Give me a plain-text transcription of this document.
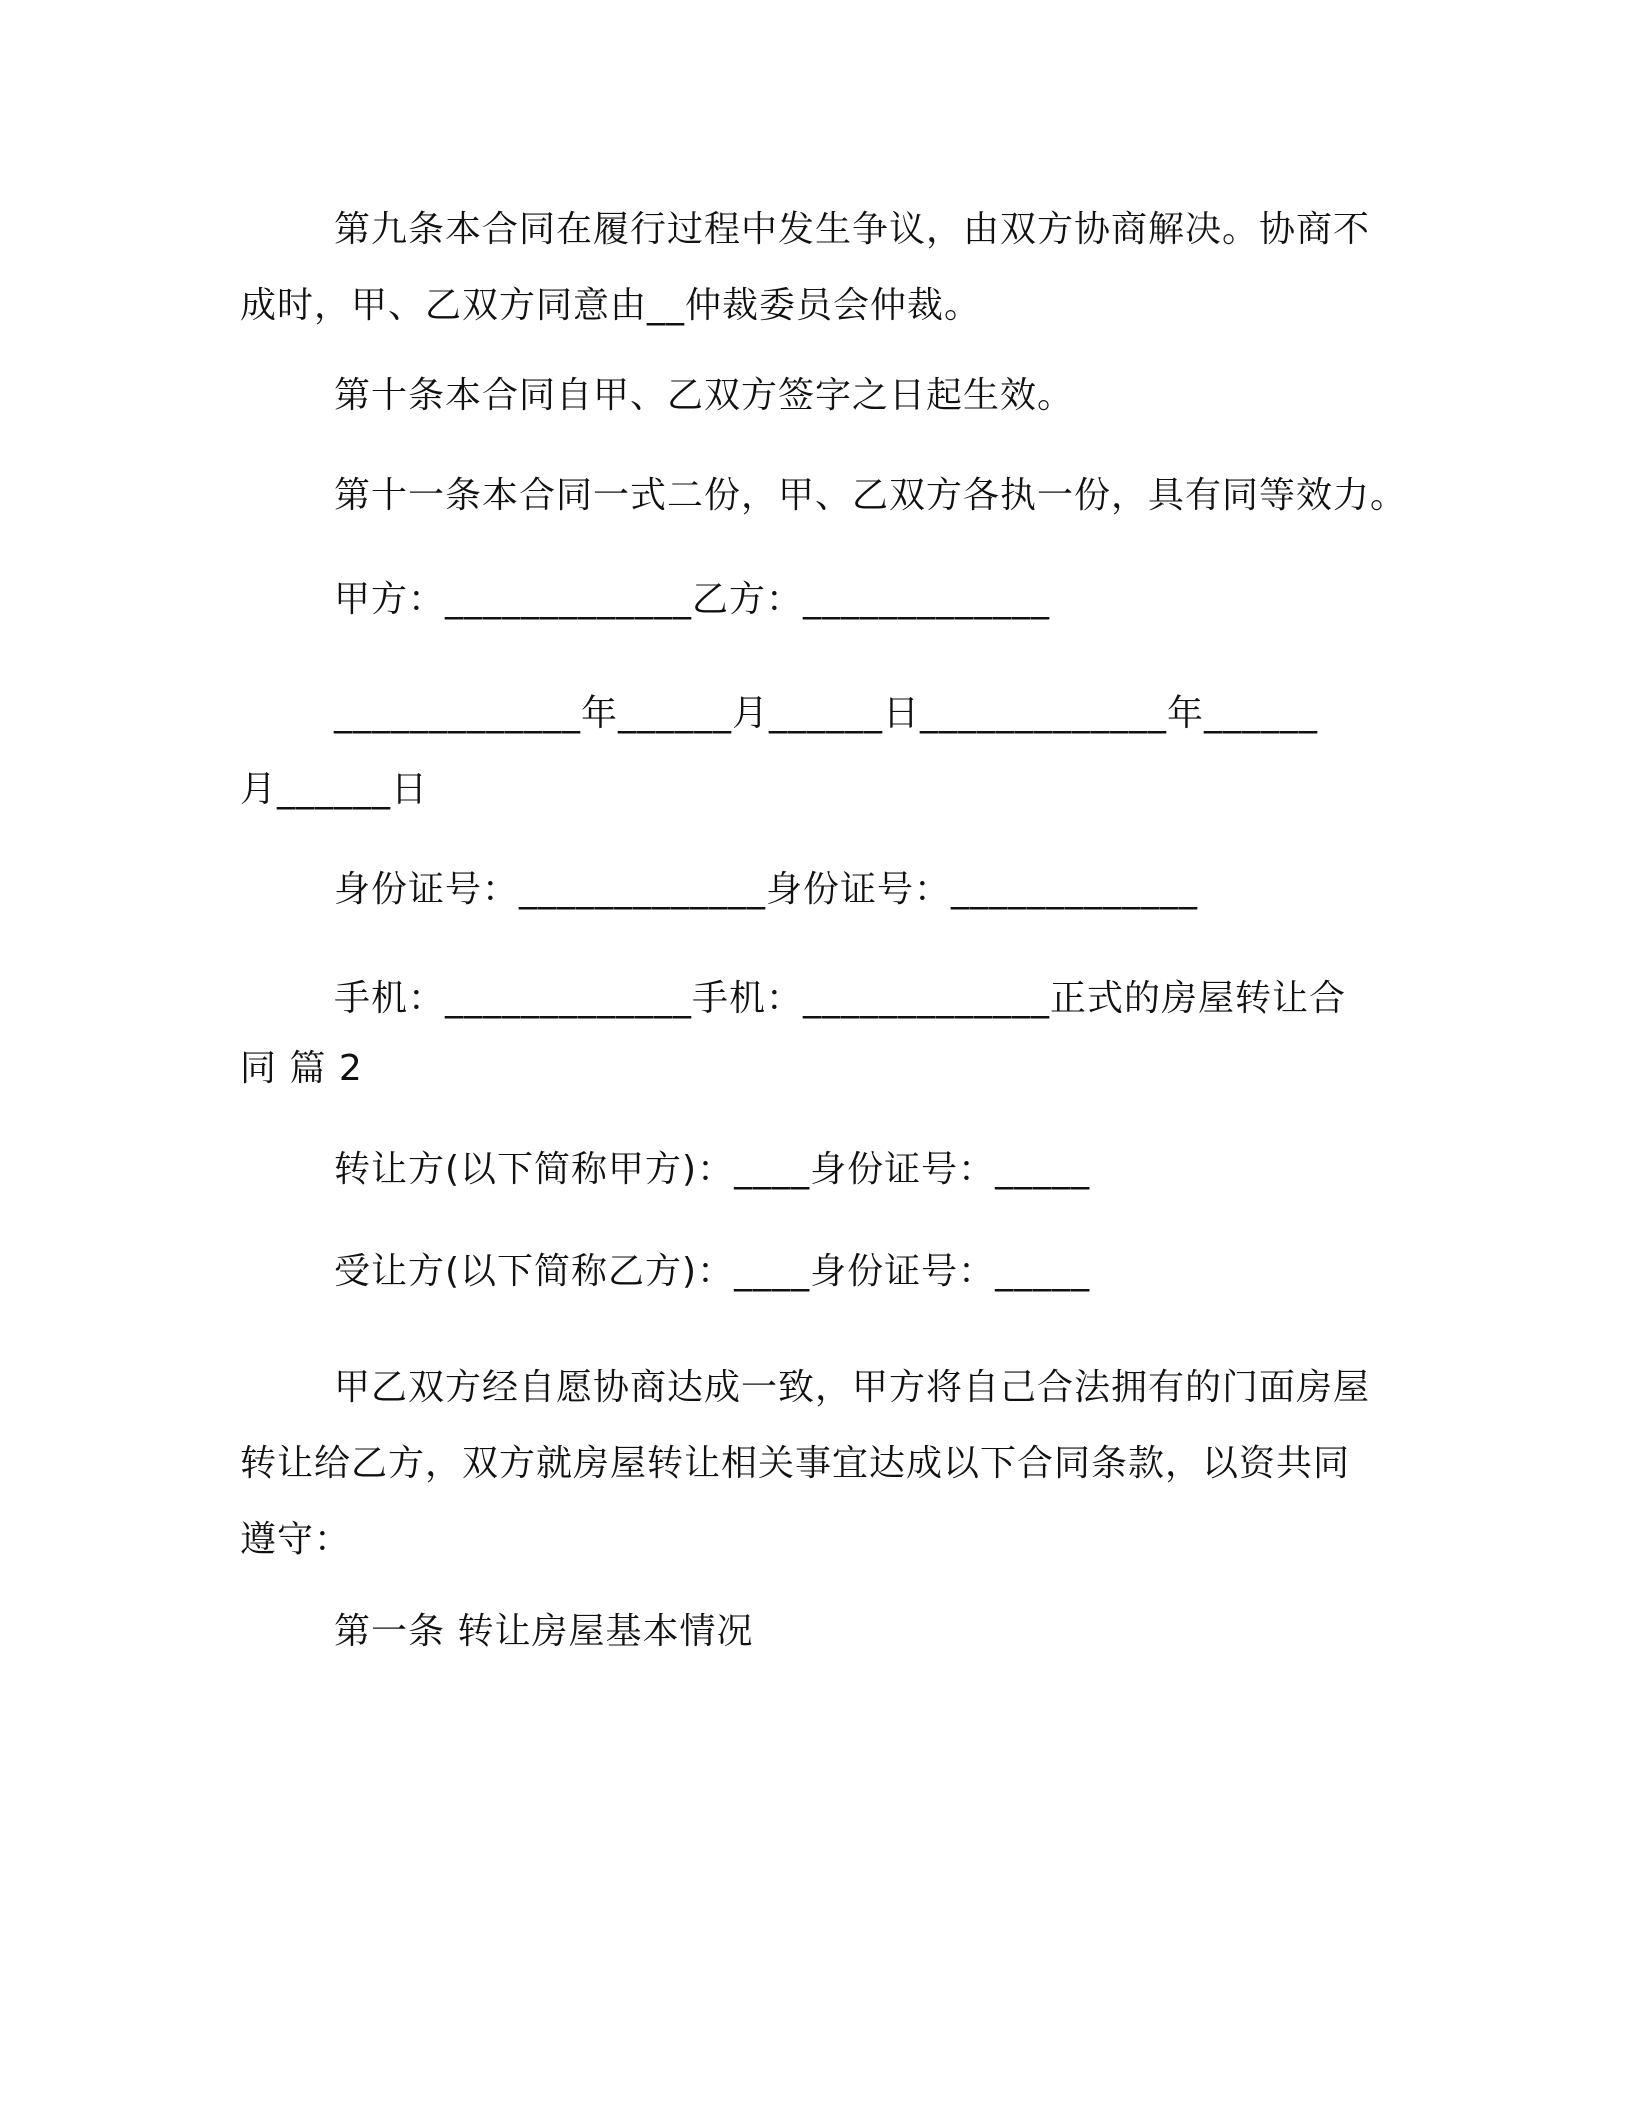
第九条本合同在履行过程中发生争议，由双方协商解决。协商不
成时，甲、乙双方同意由__仲裁委员会仲裁。

第十条本合同自甲、乙双方签字之日起生效。

第十一条本合同一式二份，甲、乙双方各执一份，具有同等效力。

甲方：_____________乙方：_____________

_____________年______月______日_____________年______
月______日

身份证号：_____________身份证号：_____________

手机：_____________手机：_____________正式的房屋转让合
同 篇 2

转让方(以下简称甲方)：____身份证号：_____

受让方(以下简称乙方)：____身份证号：_____

甲乙双方经自愿协商达成一致，甲方将自己合法拥有的门面房屋
转让给乙方，双方就房屋转让相关事宜达成以下合同条款，以资共同
遵守：

第一条 转让房屋基本情况
